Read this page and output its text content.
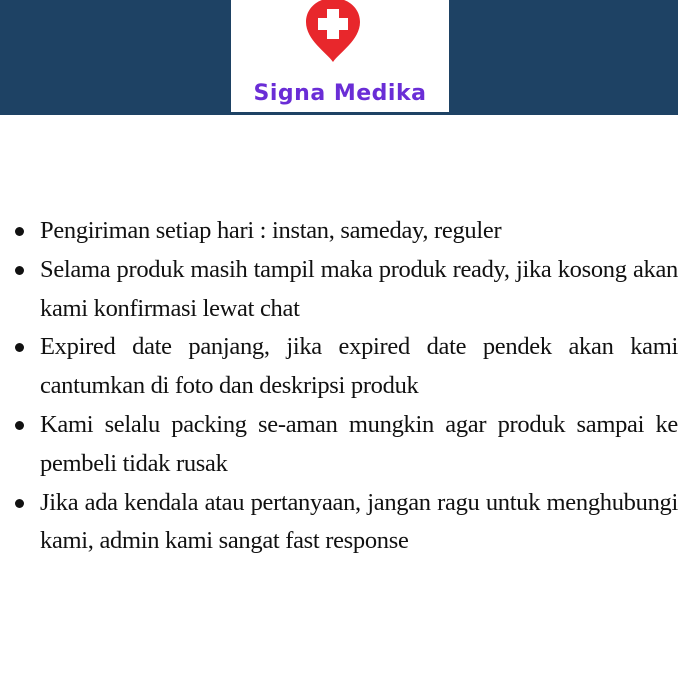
Signa Medika
Pengiriman setiap hari : instan, sameday, reguler
Selama produk masih tampil maka produk ready, jika kosong akan kami konfirmasi lewat chat
Expired date panjang, jika expired date pendek akan kami cantumkan di foto dan deskripsi produk
Kami selalu packing se-aman mungkin agar produk sampai ke pembeli tidak rusak
Jika ada kendala atau pertanyaan, jangan ragu untuk menghubungi kami, admin kami sangat fast response
